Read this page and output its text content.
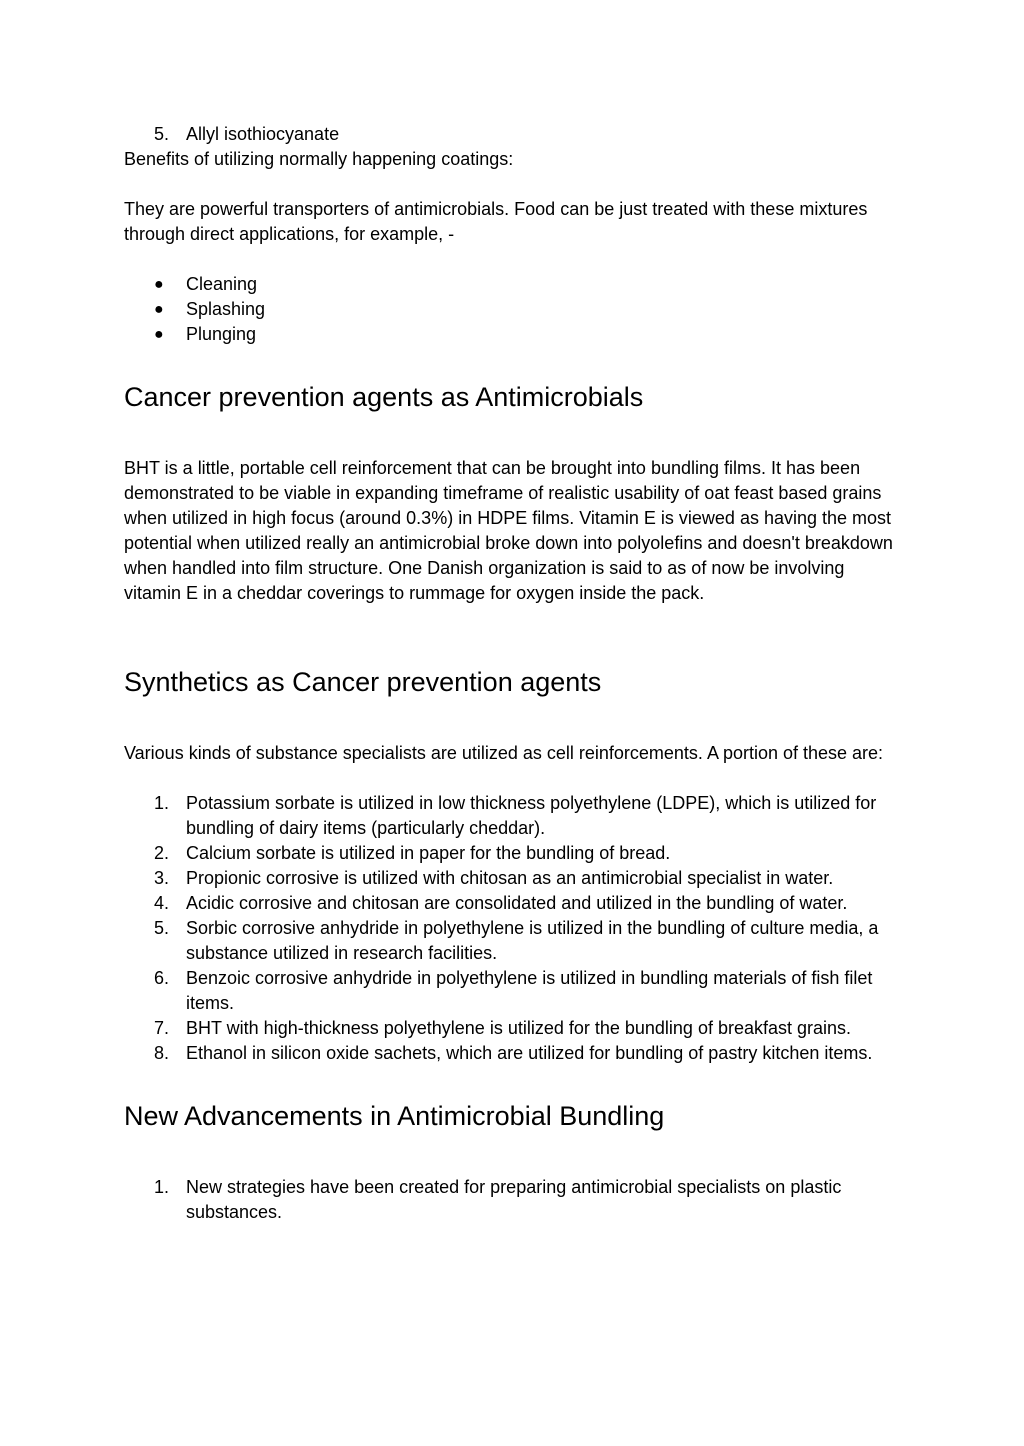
5. Allyl isothiocyanate

Benefits of utilizing normally happening coatings:

They are powerful transporters of antimicrobials. Food can be just treated with these mixtures through direct applications, for example, -

● Cleaning
● Splashing
● Plunging
Cancer prevention agents as Antimicrobials

BHT is a little, portable cell reinforcement that can be brought into bundling films. It has been demonstrated to be viable in expanding timeframe of realistic usability of oat feast based grains when utilized in high focus (around 0.3%) in HDPE films. Vitamin E is viewed as having the most potential when utilized really an antimicrobial broke down into polyolefins and doesn't breakdown when handled into film structure. One Danish organization is said to as of now be involving vitamin E in a cheddar coverings to rummage for oxygen inside the pack.

Synthetics as Cancer prevention agents

Various kinds of substance specialists are utilized as cell reinforcements. A portion of these are:

1. Potassium sorbate is utilized in low thickness polyethylene (LDPE), which is utilized for bundling of dairy items (particularly cheddar).
2. Calcium sorbate is utilized in paper for the bundling of bread.
3. Propionic corrosive is utilized with chitosan as an antimicrobial specialist in water.
4. Acidic corrosive and chitosan are consolidated and utilized in the bundling of water.
5. Sorbic corrosive anhydride in polyethylene is utilized in the bundling of culture media, a substance utilized in research facilities.
6. Benzoic corrosive anhydride in polyethylene is utilized in bundling materials of fish filet items.
7. BHT with high-thickness polyethylene is utilized for the bundling of breakfast grains.
8. Ethanol in silicon oxide sachets, which are utilized for bundling of pastry kitchen items.
New Advancements in Antimicrobial Bundling
1. New strategies have been created for preparing antimicrobial specialists on plastic substances.
